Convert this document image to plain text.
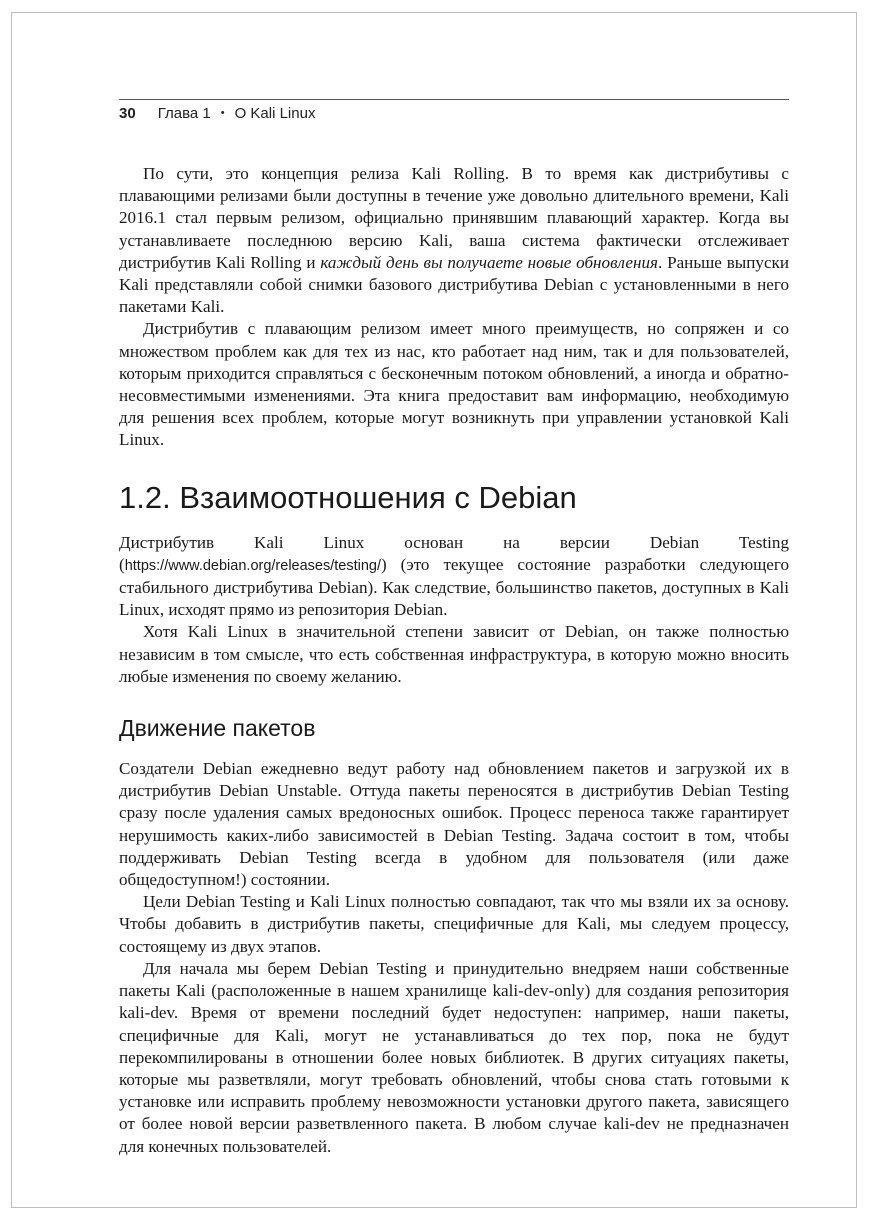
30 Глава 1 • О Kali Linux

По сути, это концепция релиза Kali Rolling. В то время как дистрибутивы с плавающими релизами были доступны в течение уже довольно длительного времени, Kali 2016.1 стал первым релизом, официально принявшим плавающий характер. Когда вы устанавливаете последнюю версию Kali, ваша система фактически отслеживает дистрибутив Kali Rolling и каждый день вы получаете новые обновления. Раньше выпуски Kali представляли собой снимки базового дистрибутива Debian с установленными в него пакетами Kali.

Дистрибутив с плавающим релизом имеет много преимуществ, но сопряжен и со множеством проблем как для тех из нас, кто работает над ним, так и для пользователей, которым приходится справляться с бесконечным потоком обновлений, а иногда и обратно-несовместимыми изменениями. Эта книга предоставит вам информацию, необходимую для решения всех проблем, которые могут возникнуть при управлении установкой Kali Linux.

1.2. Взаимоотношения с Debian

Дистрибутив Kali Linux основан на версии Debian Testing (https://www.debian.org/releases/testing/) (это текущее состояние разработки следующего стабильного дистрибутива Debian). Как следствие, большинство пакетов, доступных в Kali Linux, исходят прямо из репозитория Debian.

Хотя Kali Linux в значительной степени зависит от Debian, он также полностью независим в том смысле, что есть собственная инфраструктура, в которую можно вносить любые изменения по своему желанию.

Движение пакетов

Создатели Debian ежедневно ведут работу над обновлением пакетов и загрузкой их в дистрибутив Debian Unstable. Оттуда пакеты переносятся в дистрибутив Debian Testing сразу после удаления самых вредоносных ошибок. Процесс переноса также гарантирует нерушимость каких-либо зависимостей в Debian Testing. Задача состоит в том, чтобы поддерживать Debian Testing всегда в удобном для пользователя (или даже общедоступном!) состоянии.

Цели Debian Testing и Kali Linux полностью совпадают, так что мы взяли их за основу. Чтобы добавить в дистрибутив пакеты, специфичные для Kali, мы следуем процессу, состоящему из двух этапов.

Для начала мы берем Debian Testing и принудительно внедряем наши собственные пакеты Kali (расположенные в нашем хранилище kali-dev-only) для создания репозитория kali-dev. Время от времени последний будет недоступен: например, наши пакеты, специфичные для Kali, могут не устанавливаться до тех пор, пока не будут перекомпилированы в отношении более новых библиотек. В других ситуациях пакеты, которые мы разветвляли, могут требовать обновлений, чтобы снова стать готовыми к установке или исправить проблему невозможности установки другого пакета, зависящего от более новой версии разветвленного пакета. В любом случае kali-dev не предназначен для конечных пользователей.
